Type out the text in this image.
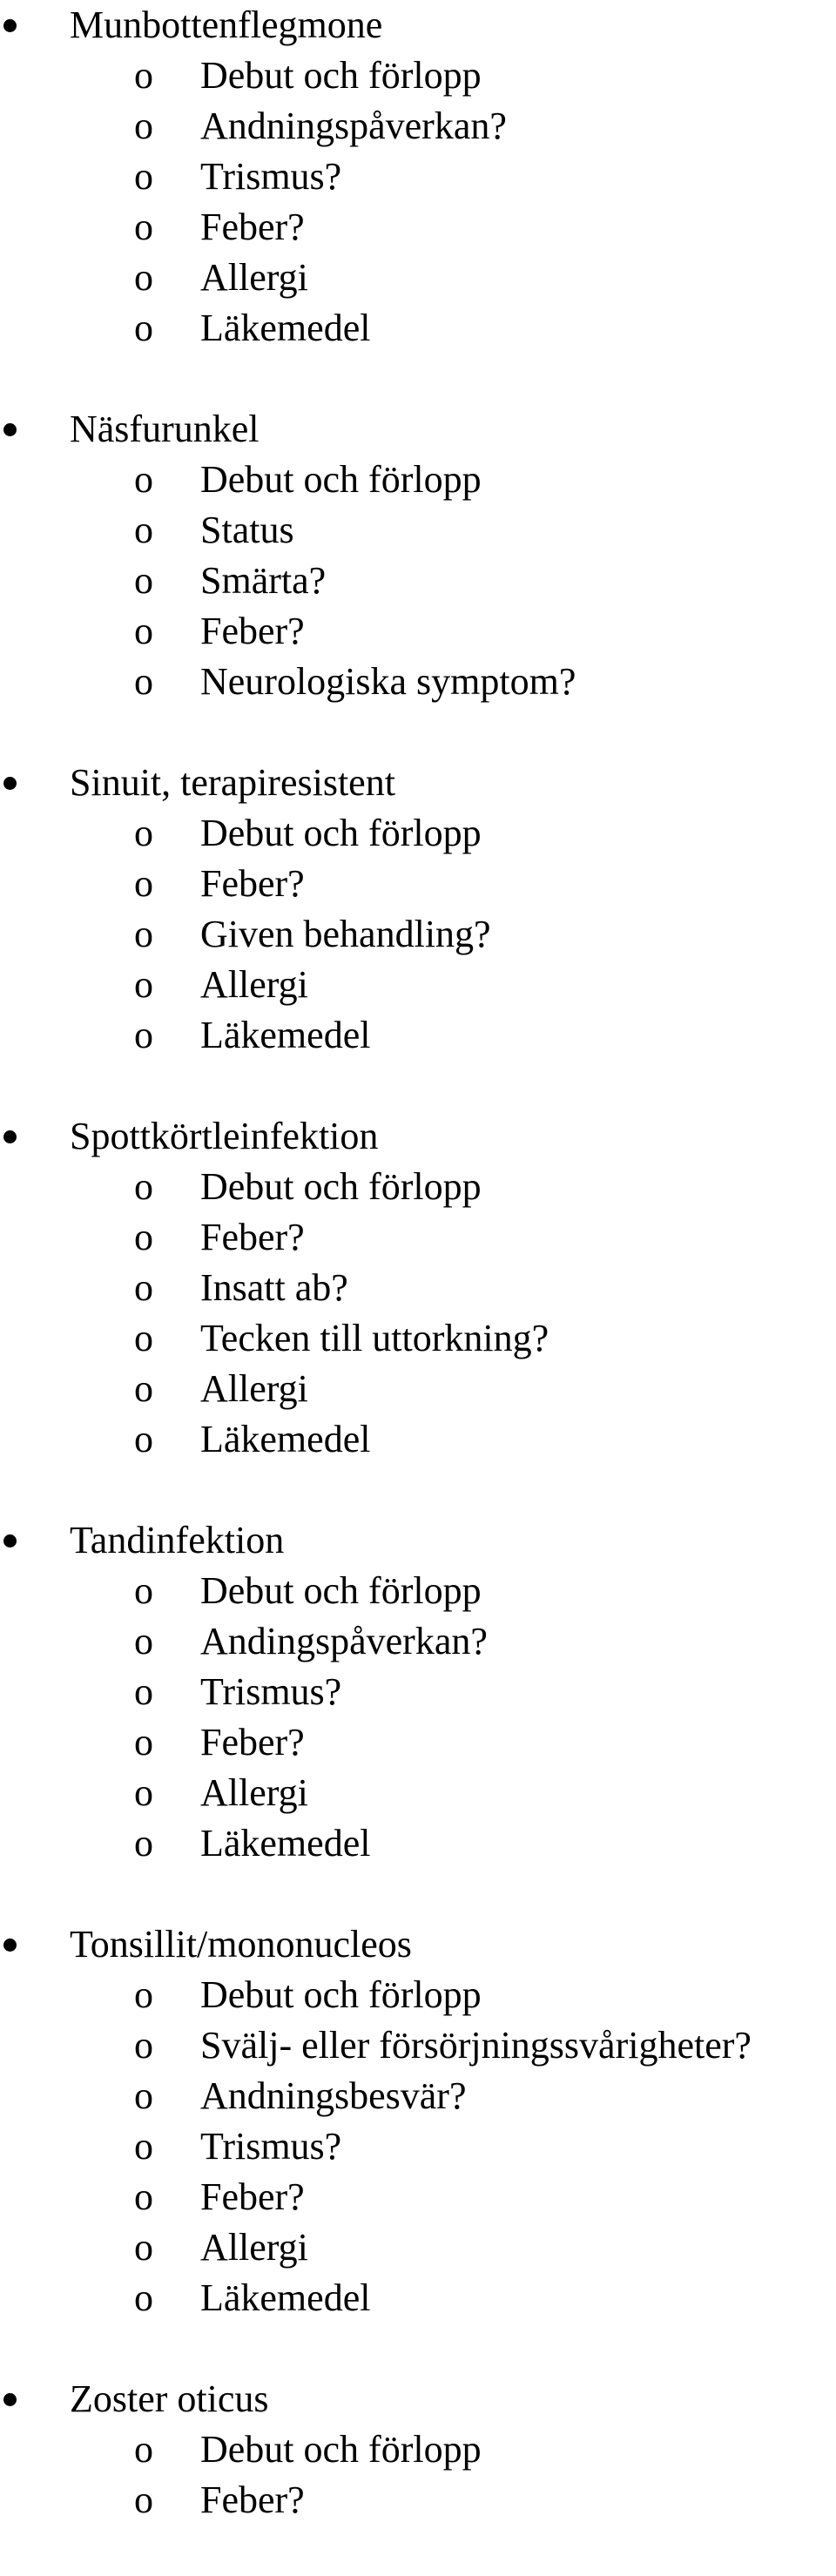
Munbottenflegmone
o Debut och förlopp
o Andningspåverkan?
o Trismus?
o Feber?
o Allergi
o Läkemedel
Näsfurunkel
o Debut och förlopp
o Status
o Smärta?
o Feber?
o Neurologiska symptom?
Sinuit, terapiresistent
o Debut och förlopp
o Feber?
o Given behandling?
o Allergi
o Läkemedel
Spottkörtleinfektion
o Debut och förlopp
o Feber?
o Insatt ab?
o Tecken till uttorkning?
o Allergi
o Läkemedel
Tandinfektion
o Debut och förlopp
o Andingspåverkan?
o Trismus?
o Feber?
o Allergi
o Läkemedel
Tonsillit/mononucleos
o Debut och förlopp
o Svälj- eller försörjningssvårigheter?
o Andningsbesvär?
o Trismus?
o Feber?
o Allergi
o Läkemedel
Zoster oticus
o Debut och förlopp
o Feber?
